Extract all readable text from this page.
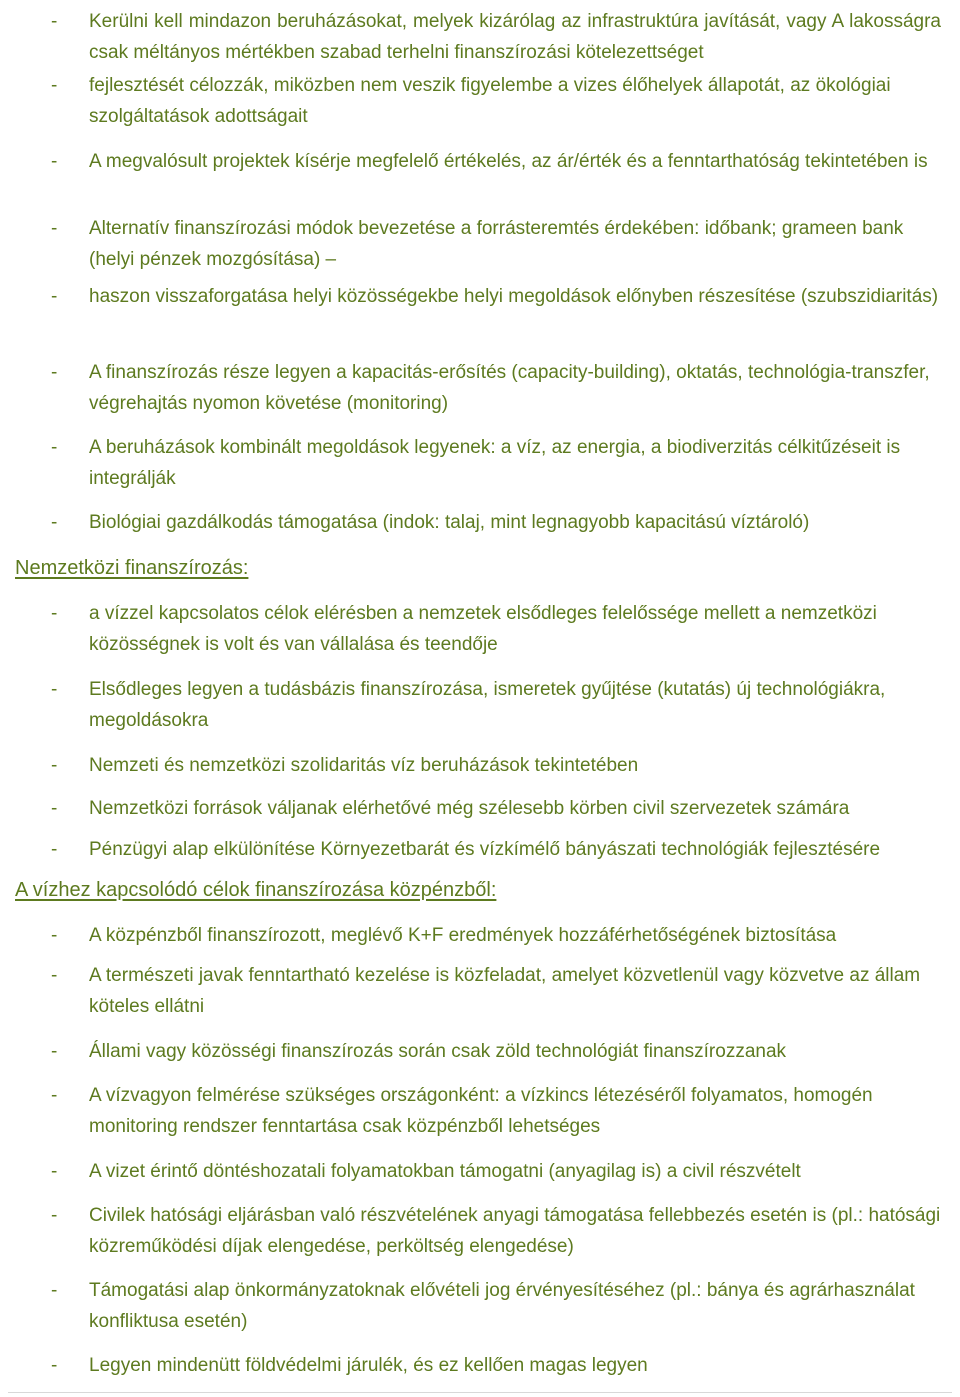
- Kerülni kell mindazon beruházásokat, melyek kizárólag az infrastruktúra javítását, vagy A lakosságra csak méltányos mértékben szabad terhelni finanszírozási kötelezettséget
- fejlesztését célozzák, miközben nem veszik figyelembe a vizes élőhelyek állapotát, az ökológiai szolgáltatások adottságait
- A megvalósult projektek kísérje megfelelő értékelés, az ár/érték és a fenntarthatóság tekintetében is
- Alternatív finanszírozási módok bevezetése a forrásteremtés érdekében: időbank; grameen bank (helyi pénzek mozgósítása) –
- haszon visszaforgatása helyi közösségekbe helyi megoldások előnyben részesítése (szubszidiaritás)
- A finanszírozás része legyen a kapacitás-erősítés (capacity-building), oktatás, technológia-transzfer, végrehajtás nyomon követése (monitoring)
- A beruházások kombinált megoldások legyenek: a víz, az energia, a biodiverzitás célkitűzéseit is integrálják
- Biológiai gazdálkodás támogatása (indok: talaj, mint legnagyobb kapacitású víztároló)
Nemzetközi finanszírozás:
- a vízzel kapcsolatos célok elérésben a nemzetek elsődleges felelőssége mellett a nemzetközi közösségnek is volt és van vállalása és teendője
- Elsődleges legyen a tudásbázis finanszírozása, ismeretek gyűjtése (kutatás) új technológiákra, megoldásokra
- Nemzeti és nemzetközi szolidaritás víz beruházások tekintetében
- Nemzetközi források váljanak elérhetővé még szélesebb körben civil szervezetek számára
- Pénzügyi alap elkülönítése Környezetbarát és vízkímélő bányászati technológiák fejlesztésére
A vízhez kapcsolódó célok finanszírozása közpénzből:
- A közpénzből finanszírozott, meglévő K+F eredmények hozzáférhetőségének biztosítása
- A természeti javak fenntartható kezelése is közfeladat, amelyet közvetlenül vagy közvetve az állam köteles ellátni
- Állami vagy közösségi finanszírozás során csak zöld technológiát finanszírozzanak
- A vízvagyon felmérése szükséges országonként: a vízkincs létezéséről folyamatos, homogén monitoring rendszer fenntartása csak közpénzből lehetséges
- A vizet érintő döntéshozatali folyamatokban támogatni (anyagilag is) a civil részvételt
- Civilek hatósági eljárásban való részvételének anyagi támogatása fellebbezés esetén is (pl.: hatósági közreműködési díjak elengedése, perköltség elengedése)
- Támogatási alap önkormányzatoknak elővételi jog érvényesítéséhez (pl.: bánya és agrárhasználat konfliktusa esetén)
- Legyen mindenütt földvédelmi járulék, és ez kellően magas legyen
